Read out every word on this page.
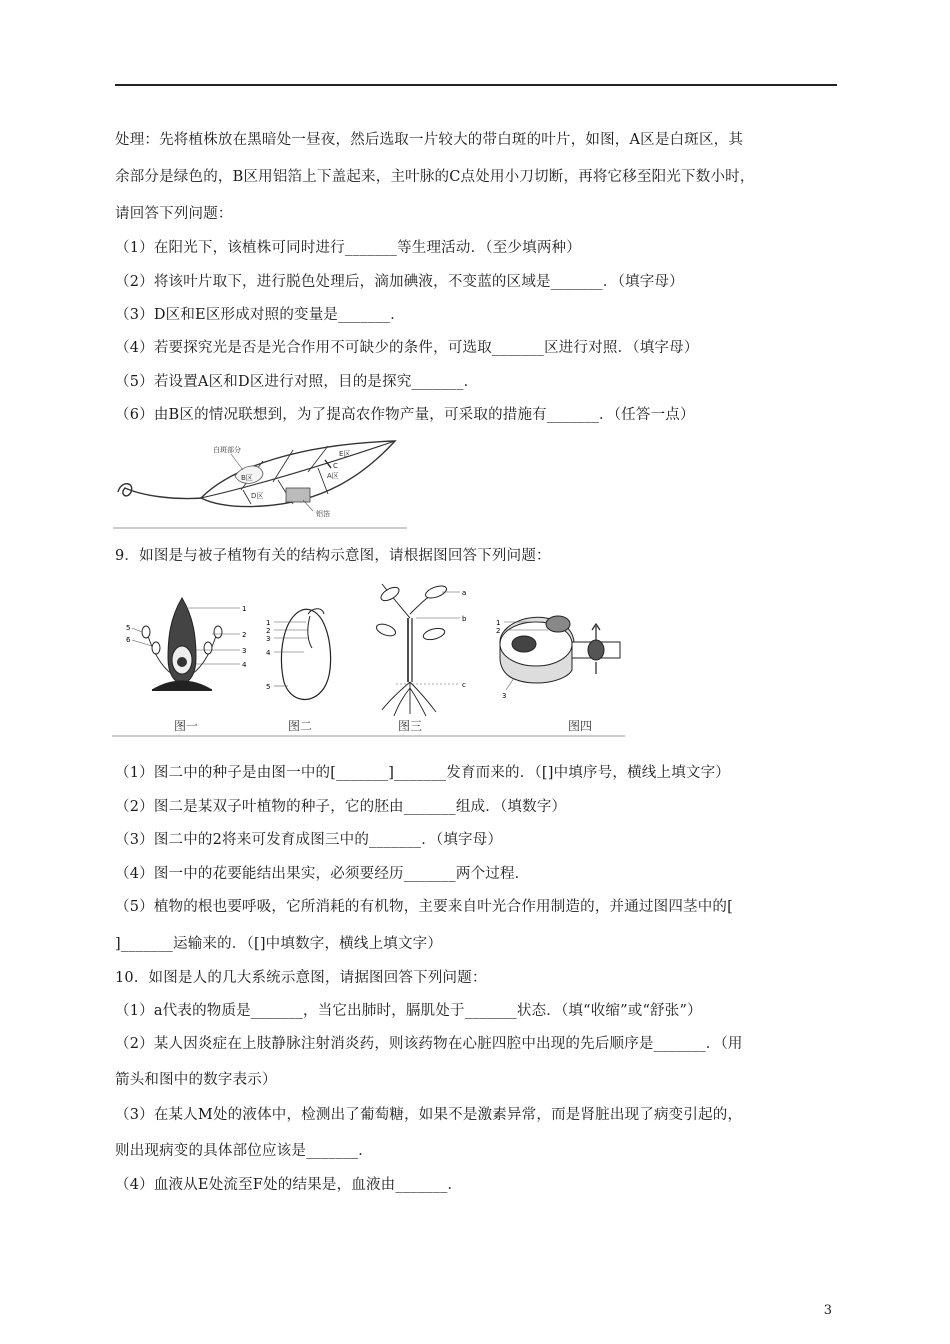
处理：先将植株放在黑暗处一昼夜，然后选取一片较大的带白斑的叶片，如图，A区是白斑区，其
余部分是绿色的，B区用铝箔上下盖起来，主叶脉的C点处用小刀切断，再将它移至阳光下数小时，
请回答下列问题：
（1）在阳光下，该植株可同时进行_______等生理活动．（至少填两种）
（2）将该叶片取下，进行脱色处理后，滴加碘液，不变蓝的区域是_______．（填字母）
（3）D区和E区形成对照的变量是_______．
（4）若要探究光是否是光合作用不可缺少的条件，可选取_______区进行对照．（填字母）
（5）若设置A区和D区进行对照，目的是探究_______．
（6）由B区的情况联想到，为了提高农作物产量，可采取的措施有_______．（任答一点）
白斑部分
B区
E区
A区
D区
C
铝箔
9．如图是与被子植物有关的结构示意图，请根据图回答下列问题：
1
2
3
4
5
6
1
2
3
4
5
a
b
c
1
2
3
图一	图二	图三	图四
（1）图二中的种子是由图一中的[_______]_______发育而来的．（[]中填序号，横线上填文字）
（2）图二是某双子叶植物的种子，它的胚由_______组成．（填数字）
（3）图二中的2将来可发育成图三中的_______．（填字母）
（4）图一中的花要能结出果实，必须要经历_______两个过程．
（5）植物的根也要呼吸，它所消耗的有机物，主要来自叶光合作用制造的，并通过图四茎中的[
]_______运输来的．（[]中填数字，横线上填文字）
10．如图是人的几大系统示意图，请据图回答下列问题：
（1）a代表的物质是_______，当它出肺时，膈肌处于_______状态．（填“收缩”或“舒张”）
（2）某人因炎症在上肢静脉注射消炎药，则该药物在心脏四腔中出现的先后顺序是_______．（用
箭头和图中的数字表示）
（3）在某人M处的液体中，检测出了葡萄糖，如果不是激素异常，而是肾脏出现了病变引起的，
则出现病变的具体部位应该是_______．
（4）血液从E处流至F处的结果是，血液由_______．
3
